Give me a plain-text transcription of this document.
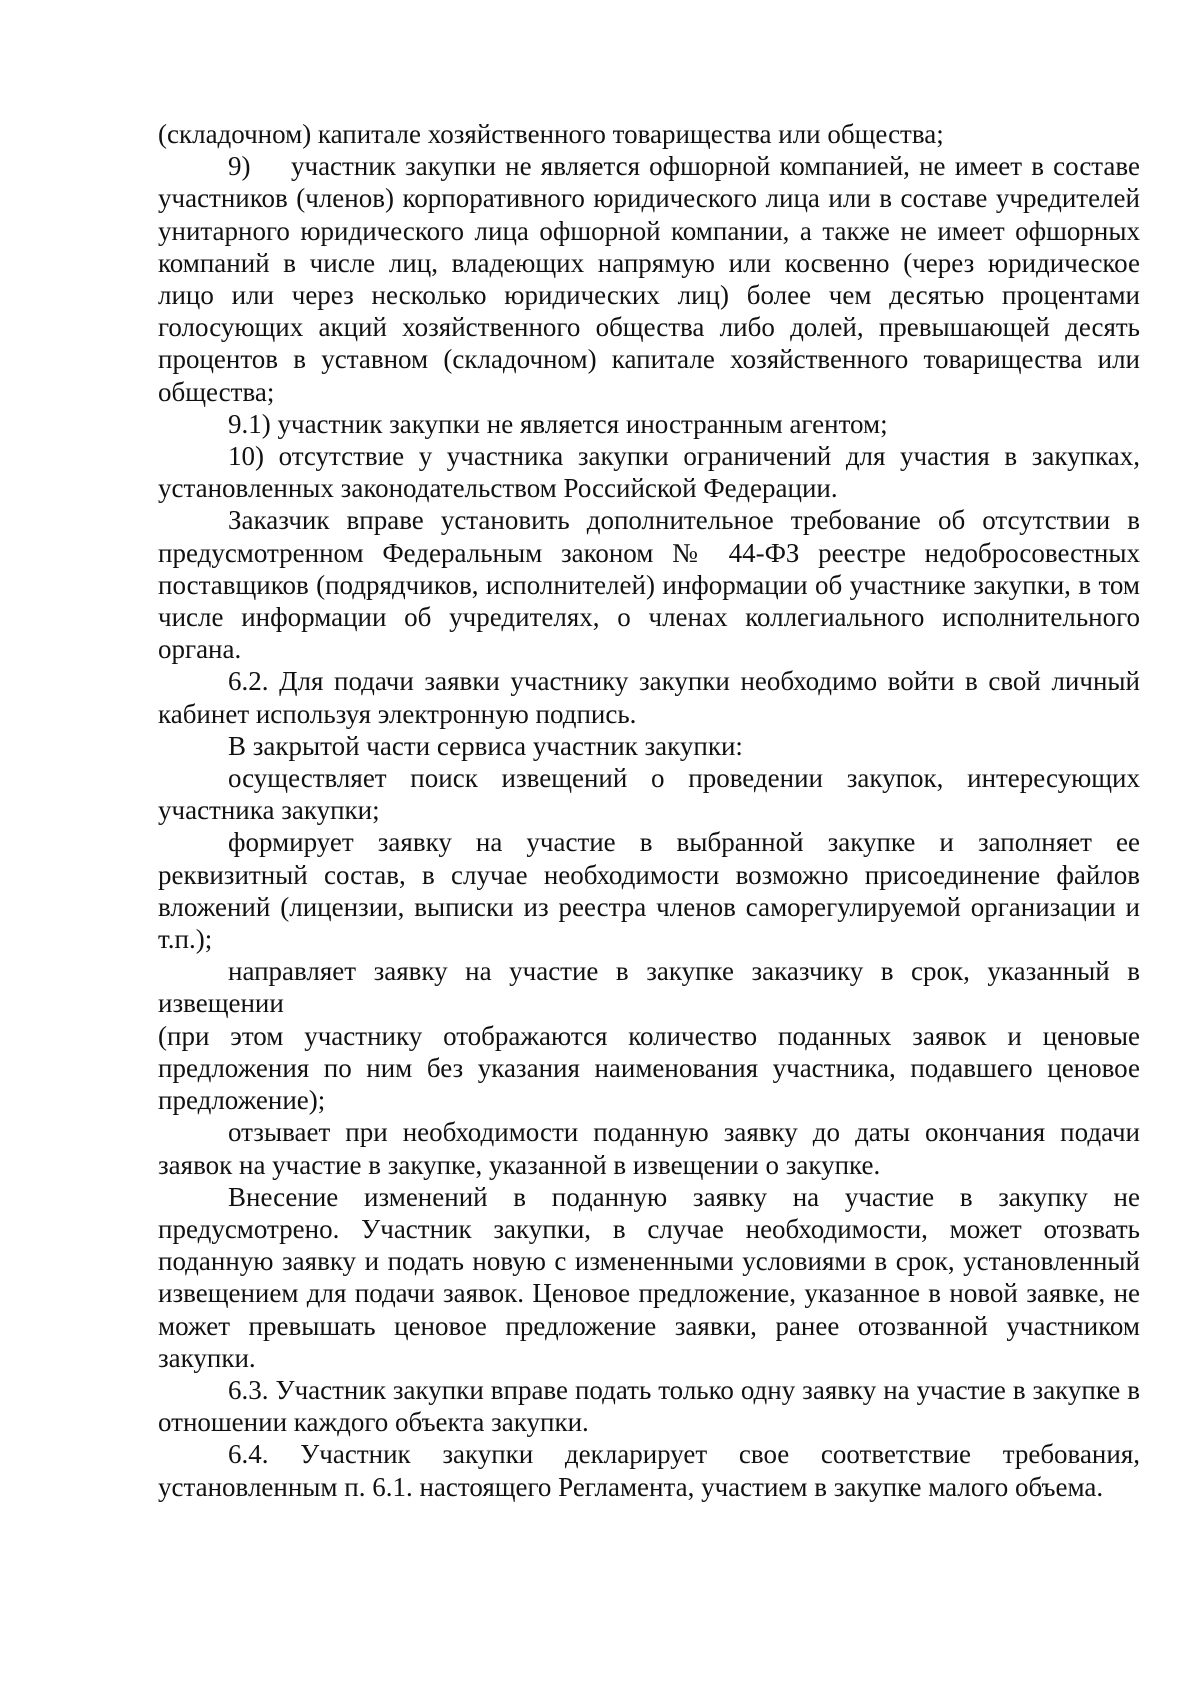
(складочном) капитале хозяйственного товарищества или общества;

9)  участник закупки не является офшорной компанией, не имеет в составе участников (членов) корпоративного юридического лица или в составе учредителей унитарного юридического лица офшорной компании, а также не имеет офшорных компаний в числе лиц, владеющих напрямую или косвенно (через юридическое лицо или через несколько юридических лиц) более чем десятью процентами голосующих акций хозяйственного общества либо долей, превышающей десять процентов в уставном (складочном) капитале хозяйственного товарищества или общества;

9.1) участник закупки не является иностранным агентом;

10) отсутствие у участника закупки ограничений для участия в закупках, установленных законодательством Российской Федерации.

Заказчик вправе установить дополнительное требование об отсутствии в предусмотренном Федеральным законом № 44-ФЗ реестре недобросовестных поставщиков (подрядчиков, исполнителей) информации об участнике закупки, в том числе информации об учредителях, о членах коллегиального исполнительного органа.

6.2. Для подачи заявки участнику закупки необходимо войти в свой личный кабинет используя электронную подпись.

В закрытой части сервиса участник закупки:

осуществляет поиск извещений о проведении закупок, интересующих участника закупки;

формирует заявку на участие в выбранной закупке и заполняет ее реквизитный состав, в случае необходимости возможно присоединение файлов вложений (лицензии, выписки из реестра членов саморегулируемой организации и т.п.);

направляет заявку на участие в закупке заказчику в срок, указанный в извещении

(при этом участнику отображаются количество поданных заявок и ценовые предложения по ним без указания наименования участника, подавшего ценовое предложение);

отзывает при необходимости поданную заявку до даты окончания подачи заявок на участие в закупке, указанной в извещении о закупке.

Внесение изменений в поданную заявку на участие в закупку не предусмотрено. Участник закупки, в случае необходимости, может отозвать поданную заявку и подать новую с измененными условиями в срок, установленный извещением для подачи заявок. Ценовое предложение, указанное в новой заявке, не может превышать ценовое предложение заявки, ранее отозванной участником закупки.

6.3. Участник закупки вправе подать только одну заявку на участие в закупке в отношении каждого объекта закупки.

6.4. Участник закупки декларирует свое соответствие требования, установленным п. 6.1. настоящего Регламента, участием в закупке малого объема.
